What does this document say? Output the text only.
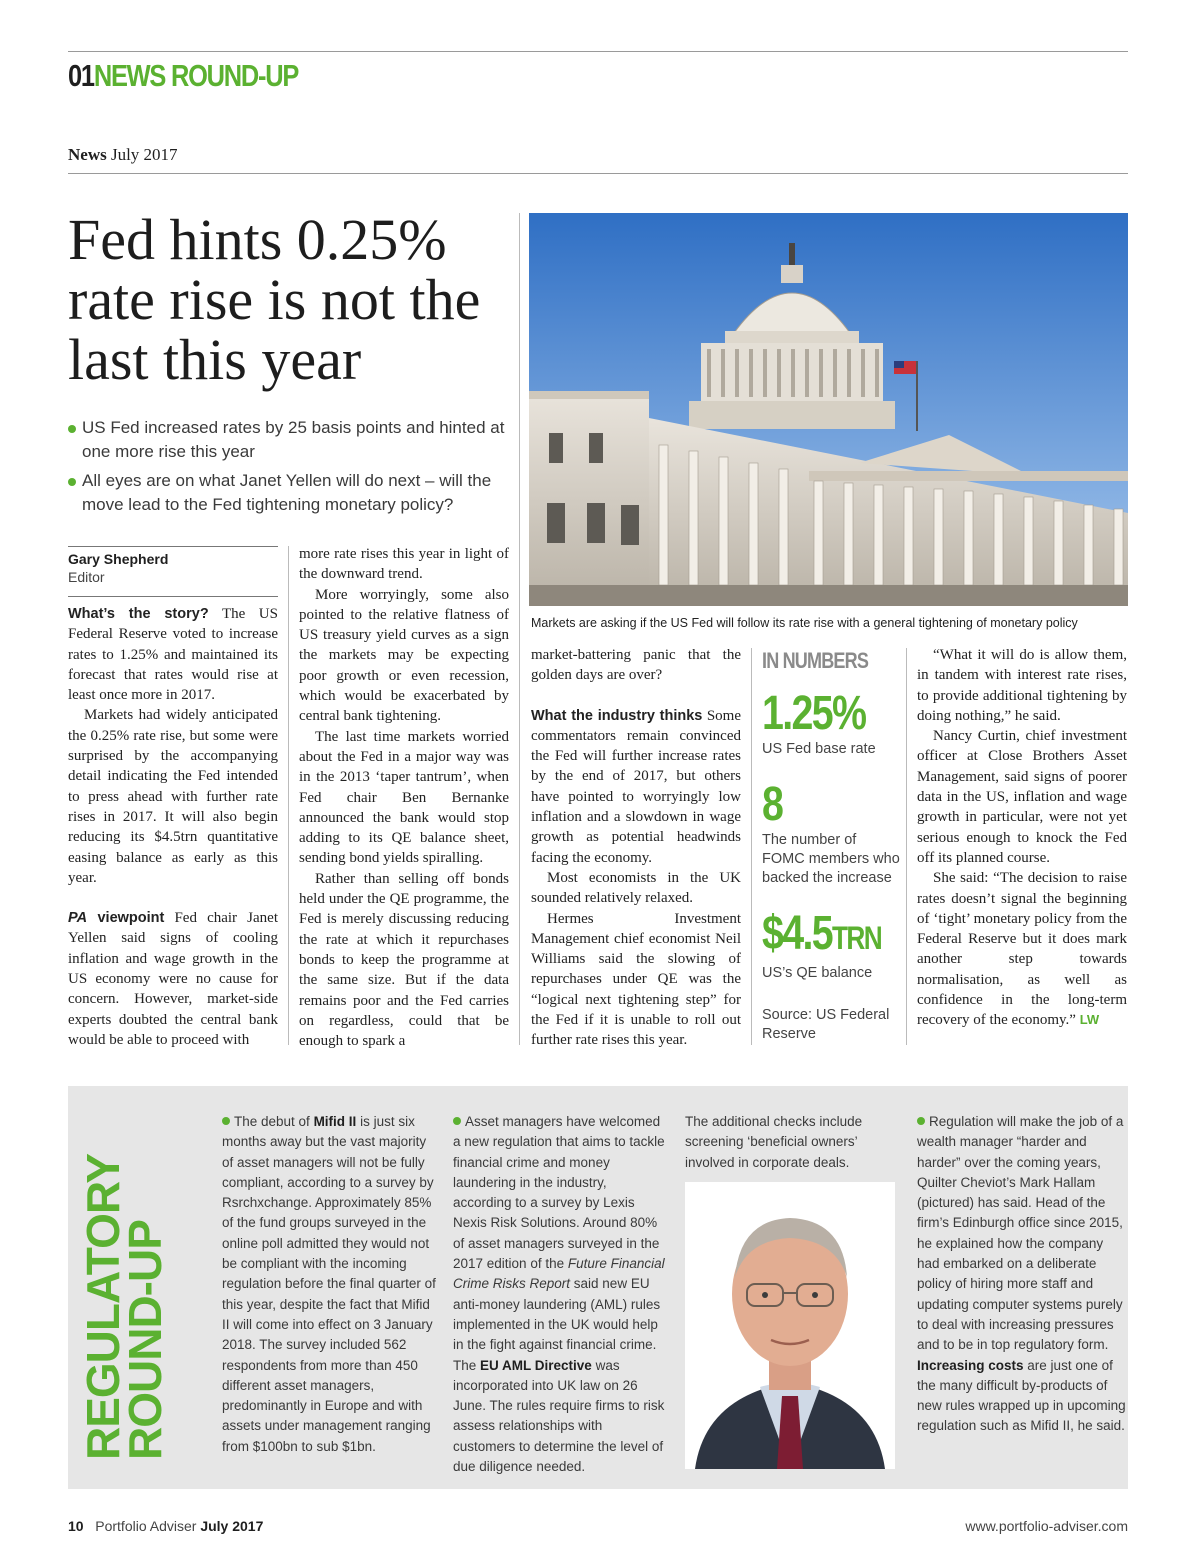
01NEWS ROUND-UP
News July 2017
Fed hints 0.25% rate rise is not the last this year
US Fed increased rates by 25 basis points and hinted at one more rise this year
All eyes are on what Janet Yellen will do next – will the move lead to the Fed tightening monetary policy?
Markets are asking if the US Fed will follow its rate rise with a general tightening of monetary policy
Gary Shepherd
Editor

What’s the story? The US Federal Reserve voted to increase rates to 1.25% and maintained its forecast that rates would rise at least once more in 2017.

Markets had widely anticipated the 0.25% rate rise, but some were surprised by the accompanying detail indicating the Fed intended to press ahead with further rate rises in 2017. It will also begin reducing its $4.5trn quantitative easing balance as early as this year.

PA viewpoint Fed chair Janet Yellen said signs of cooling inflation and wage growth in the US economy were no cause for concern. However, market-side experts doubted the central bank would be able to proceed with

more rate rises this year in light of the downward trend.

More worryingly, some also pointed to the relative flatness of US treasury yield curves as a sign the markets may be expecting poor growth or even recession, which would be exacerbated by central bank tightening.

The last time markets worried about the Fed in a major way was in the 2013 ‘taper tantrum’, when Fed chair Ben Bernanke announced the bank would stop adding to its QE balance sheet, sending bond yields spiralling.

Rather than selling off bonds held under the QE programme, the Fed is merely discussing reducing the rate at which it repurchases bonds to keep the programme at the same size. But if the data remains poor and the Fed carries on regardless, could that be enough to spark a

market-battering panic that the golden days are over?

What the industry thinks Some commentators remain convinced the Fed will further increase rates by the end of 2017, but others have pointed to worryingly low inflation and a slowdown in wage growth as potential headwinds facing the economy.

Most economists in the UK sounded relatively relaxed.

Hermes Investment Management chief economist Neil Williams said the slowing of repurchases under QE was the “logical next tightening step” for the Fed if it is unable to roll out further rate rises this year.

IN NUMBERS
1.25%
US Fed base rate
8
The number of FOMC members who backed the increase
$4.5TRN
US’s QE balance
Source: US Federal Reserve

“What it will do is allow them, in tandem with interest rate rises, to provide additional tightening by doing nothing,” he said.

Nancy Curtin, chief investment officer at Close Brothers Asset Management, said signs of poorer data in the US, inflation and wage growth in particular, were not yet serious enough to knock the Fed off its planned course.

She said: “The decision to raise rates doesn’t signal the beginning of ‘tight’ monetary policy from the Federal Reserve but it does mark another step towards normalisation, as well as confidence in the long-term recovery of the economy.” LW

REGULATORY
ROUND-UP
The debut of Mifid II is just six months away but the vast majority of asset managers will not be fully compliant, according to a survey by Rsrchxchange. Approximately 85% of the fund groups surveyed in the online poll admitted they would not be compliant with the incoming regulation before the final quarter of this year, despite the fact that Mifid II will come into effect on 3 January 2018. The survey included 562 respondents from more than 450 different asset managers, predominantly in Europe and with assets under management ranging from $100bn to sub $1bn.
Asset managers have welcomed a new regulation that aims to tackle financial crime and money laundering in the industry, according to a survey by Lexis Nexis Risk Solutions. Around 80% of asset managers surveyed in the 2017 edition of the Future Financial Crime Risks Report said new EU anti-money laundering (AML) rules implemented in the UK would help in the fight against financial crime. The EU AML Directive was incorporated into UK law on 26 June. The rules require firms to risk assess relationships with customers to determine the level of due diligence needed.
The additional checks include screening ‘beneficial owners’ involved in corporate deals.
Regulation will make the job of a wealth manager “harder and harder” over the coming years, Quilter Cheviot’s Mark Hallam (pictured) has said. Head of the firm’s Edinburgh office since 2015, he explained how the company had embarked on a deliberate policy of hiring more staff and updating computer systems purely to deal with increasing pressures and to be in top regulatory form. Increasing costs are just one of the many difficult by-products of new rules wrapped up in upcoming regulation such as Mifid II, he said.
10 Portfolio Adviser July 2017	www.portfolio-adviser.com
